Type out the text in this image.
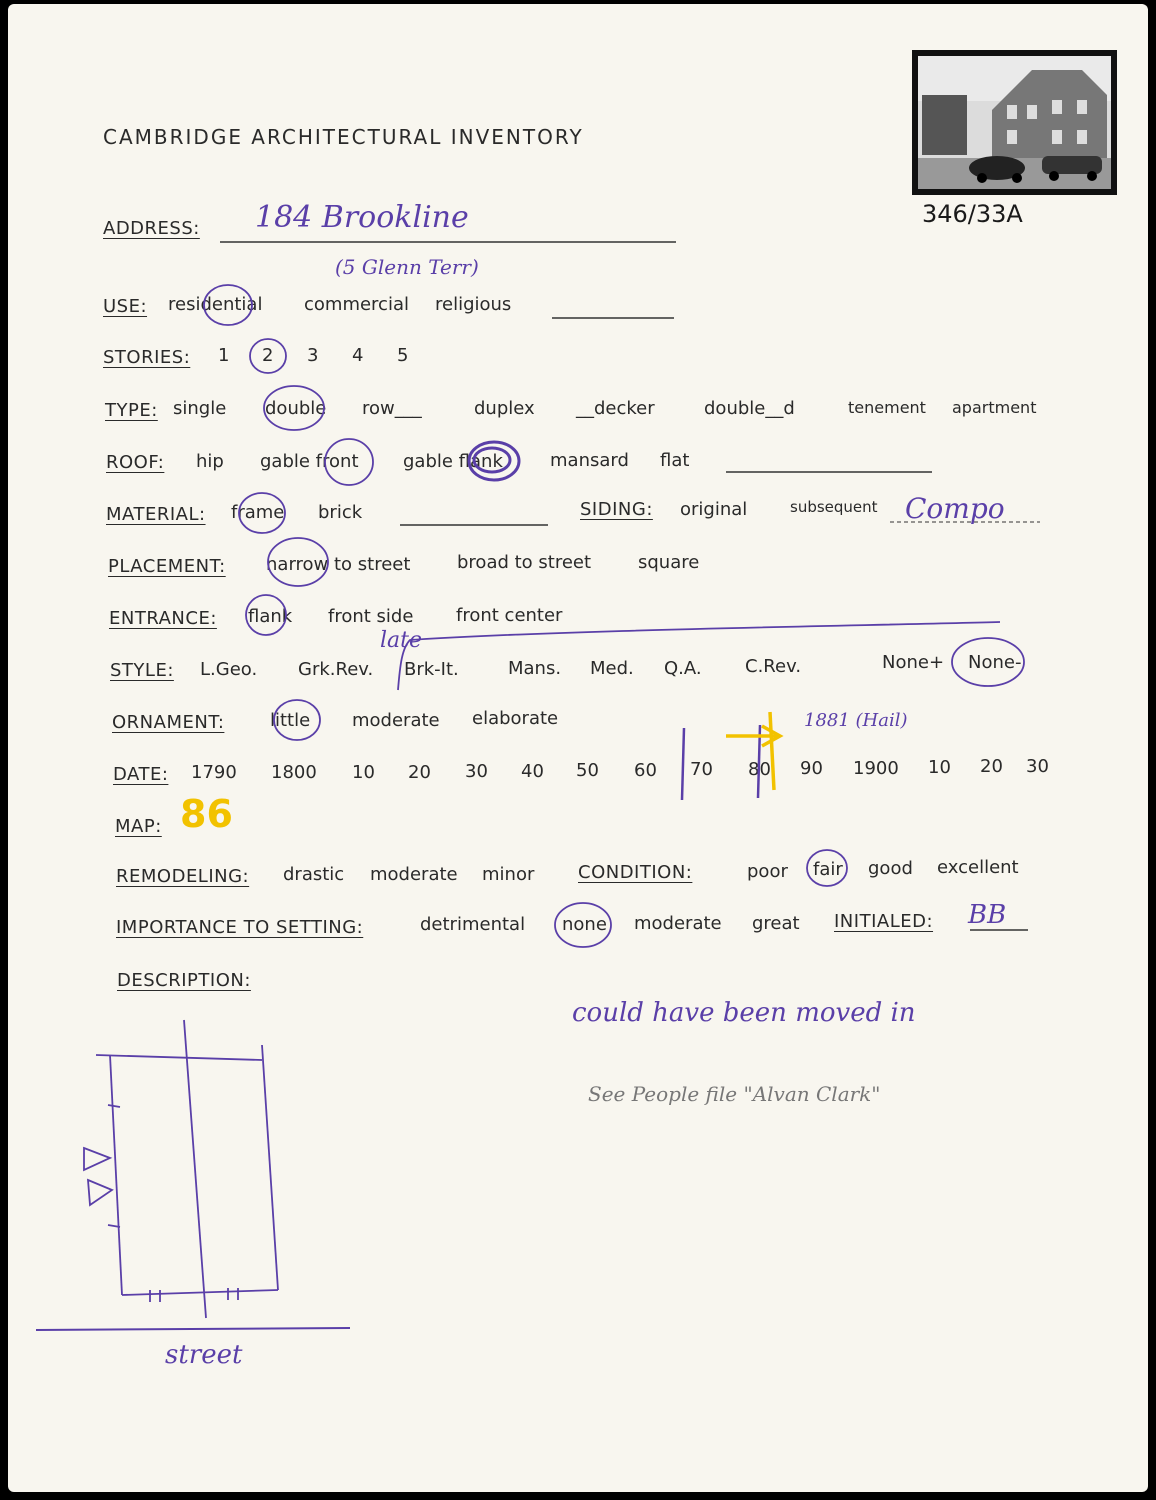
346/33A
CAMBRIDGE ARCHITECTURAL INVENTORY
ADDRESS: 184 Brookline
(5 Glenn Terr)
USE: residential commercial religious
STORIES: 1 2 3 4 5
TYPE: single double row___	duplex __decker	double__d	tenement apartment
ROOF: hip gable front gable flank	mansard flat
MATERIAL: frame brick	SIDING: original	subsequent Compo
PLACEMENT: narrow to street	broad to street	square
ENTRANCE: flank front side front center
STYLE: L.Geo. Grk.Rev. Brk-It.	Mans. Med. Q.A. C.Rev.	None+ None-
late
ORNAMENT:	little moderate elaborate
DATE: 1790 1800 10 20 30 40 50 60 70 80 90 1900 10 20 30
1881 (Hail)
MAP: 86
REMODELING: drastic moderate minor CONDITION:	poor fair good excellent
IMPORTANCE TO SETTING:	detrimental none moderate great INITIALED: BB
DESCRIPTION:
could have been moved in
See People file "Alvan Clark"
street
